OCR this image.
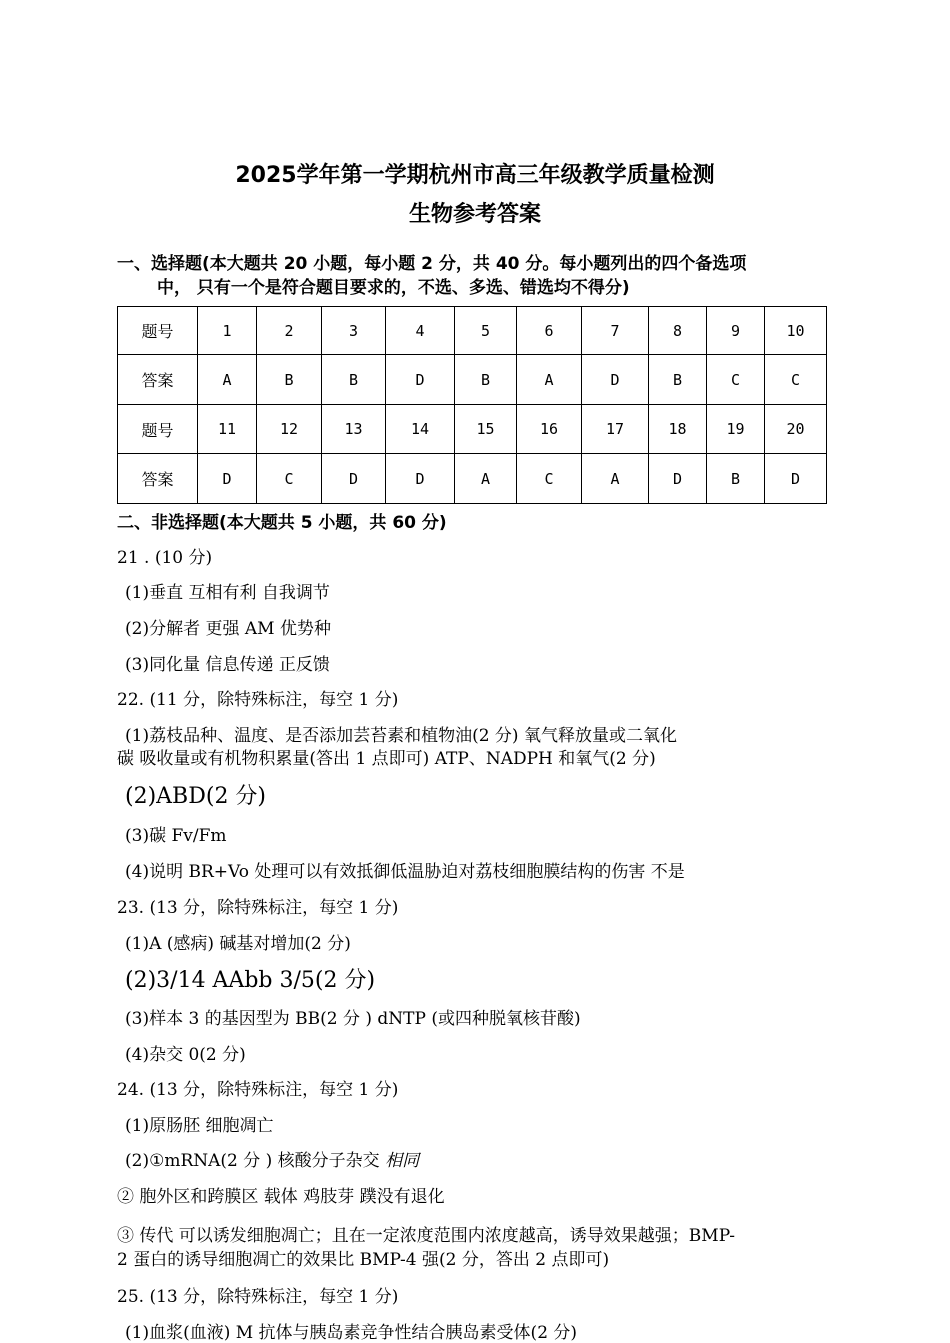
2025学年第一学期杭州市高三年级教学质量检测
生物参考答案
一、选择题(本大题共 20 小题，每小题 2 分，共 40 分。每小题列出的四个备选项
中， 只有一个是符合题目要求的，不选、多选、错选均不得分)
题号	1	2	3	4	5	6	7	8	9	10
答案	A	B	B	D	B	A	D	B	C	C
题号	11	12	13	14	15	16	17	18	19	20
答案	D	C	D	D	A	C	A	D	B	D
二、非选择题(本大题共 5 小题，共 60 分)
21 . (10 分)
(1)垂直 互相有利 自我调节
(2)分解者 更强 AM 优势种
(3)同化量 信息传递 正反馈
22. (11 分，除特殊标注，每空 1 分)
(1)荔枝品种、温度、是否添加芸苔素和植物油(2 分) 氧气释放量或二氧化
碳 吸收量或有机物积累量(答出 1 点即可) ATP、NADPH 和氧气(2 分)
(2)ABD(2 分)
(3)碳 Fv/Fm
(4)说明 BR+Vo 处理可以有效抵御低温胁迫对荔枝细胞膜结构的伤害 不是
23. (13 分，除特殊标注，每空 1 分)
(1)A (感病) 碱基对增加(2 分)
(2)3/14 AAbb 3/5(2 分)
(3)样本 3 的基因型为 BB(2 分 ) dNTP (或四种脱氧核苷酸)
(4)杂交 0(2 分)
24. (13 分，除特殊标注，每空 1 分)
(1)原肠胚 细胞凋亡
(2)①mRNA(2 分 ) 核酸分子杂交 相同
② 胞外区和跨膜区 载体 鸡肢芽 蹼没有退化
③ 传代 可以诱发细胞凋亡；且在一定浓度范围内浓度越高，诱导效果越强；BMP-
2 蛋白的诱导细胞凋亡的效果比 BMP-4 强(2 分，答出 2 点即可)
25. (13 分，除特殊标注，每空 1 分)
(1)血浆(血液) M 抗体与胰岛素竞争性结合胰岛素受体(2 分)
